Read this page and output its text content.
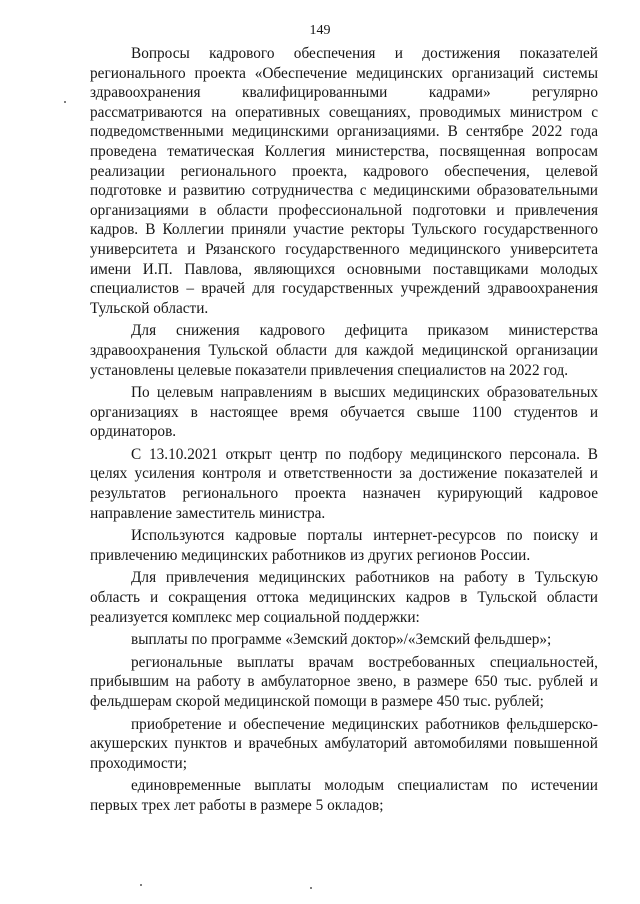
149

Вопросы кадрового обеспечения и достижения показателей регионального проекта «Обеспечение медицинских организаций системы здравоохранения квалифицированными кадрами» регулярно рассматриваются на оперативных совещаниях, проводимых министром с подведомственными медицинскими организациями. В сентябре 2022 года проведена тематическая Коллегия министерства, посвященная вопросам реализации регионального проекта, кадрового обеспечения, целевой подготовке и развитию сотрудничества с медицинскими образовательными организациями в области профессиональной подготовки и привлечения кадров. В Коллегии приняли участие ректоры Тульского государственного университета и Рязанского государственного медицинского университета имени И.П. Павлова, являющихся основными поставщиками молодых специалистов – врачей для государственных учреждений здравоохранения Тульской области.

Для снижения кадрового дефицита приказом министерства здравоохранения Тульской области для каждой медицинской организации установлены целевые показатели привлечения специалистов на 2022 год.

По целевым направлениям в высших медицинских образовательных организациях в настоящее время обучается свыше 1100 студентов и ординаторов.

С 13.10.2021 открыт центр по подбору медицинского персонала. В целях усиления контроля и ответственности за достижение показателей и результатов регионального проекта назначен курирующий кадровое направление заместитель министра.

Используются кадровые порталы интернет-ресурсов по поиску и привлечению медицинских работников из других регионов России.

Для привлечения медицинских работников на работу в Тульскую область и сокращения оттока медицинских кадров в Тульской области реализуется комплекс мер социальной поддержки:

выплаты по программе «Земский доктор»/«Земский фельдшер»;

региональные выплаты врачам востребованных специальностей, прибывшим на работу в амбулаторное звено, в размере 650 тыс. рублей и фельдшерам скорой медицинской помощи в размере 450 тыс. рублей;

приобретение и обеспечение медицинских работников фельдшерско-акушерских пунктов и врачебных амбулаторий автомобилями повышенной проходимости;

единовременные выплаты молодым специалистам по истечении первых трех лет работы в размере 5 окладов;
